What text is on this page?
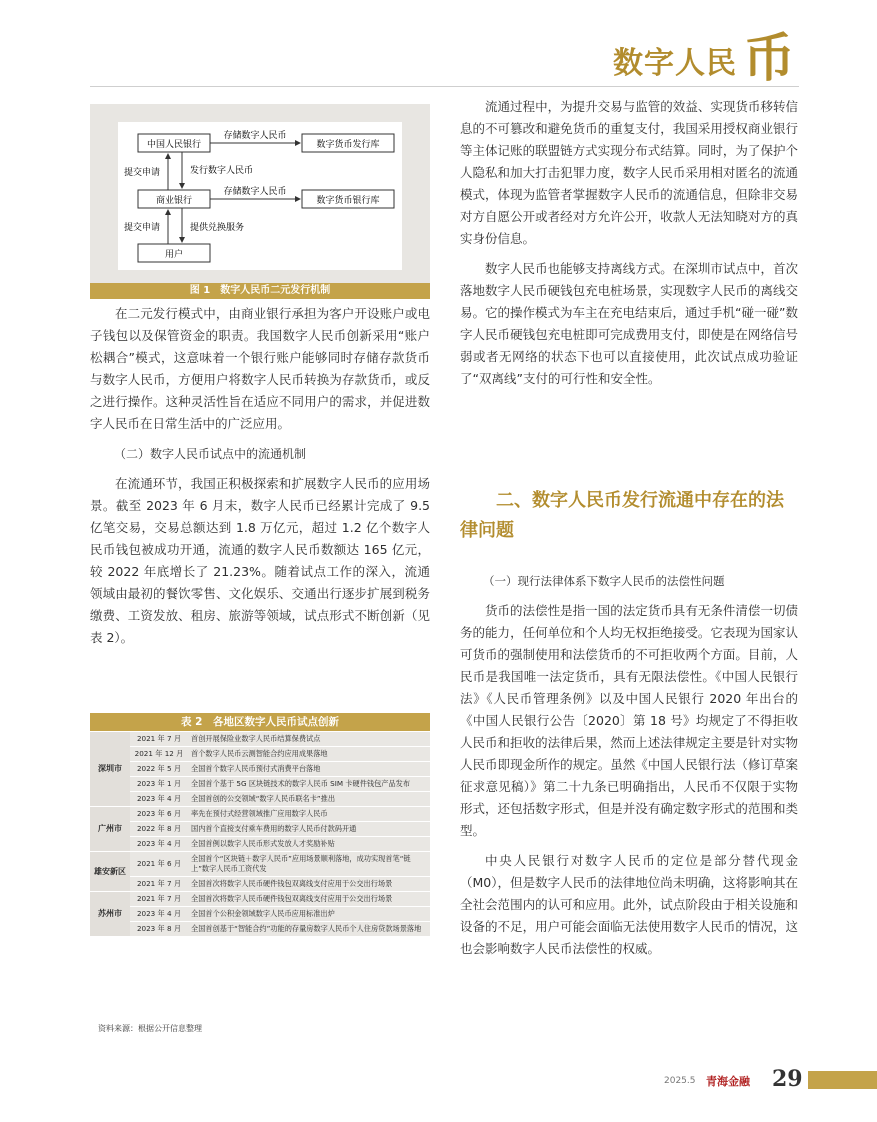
数字人民 币
中国人民银行	数字货币发行库
存储数字人民币
商业银行	数字货币银行库
存储数字人民币
用户
提交申请	发行数字人民币
提交申请	提供兑换服务
图 1　数字人民币二元发行机制

在二元发行模式中，由商业银行承担为客户开设账户或电子钱包以及保管资金的职责。我国数字人民币创新采用“账户松耦合”模式，这意味着一个银行账户能够同时存储存款货币与数字人民币，方便用户将数字人民币转换为存款货币，或反之进行操作。这种灵活性旨在适应不同用户的需求，并促进数字人民币在日常生活中的广泛应用。

（二）数字人民币试点中的流通机制

在流通环节，我国正积极探索和扩展数字人民币的应用场景。截至 2023 年 6 月末，数字人民币已经累计完成了 9.5 亿笔交易，交易总额达到 1.8 万亿元，超过 1.2 亿个数字人民币钱包被成功开通，流通的数字人民币数额达 165 亿元，较 2022 年底增长了 21.23%。随着试点工作的深入，流通领域由最初的餐饮零售、文化娱乐、交通出行逐步扩展到税务缴费、工资发放、租房、旅游等领域，试点形式不断创新（见表 2）。

表 2　各地区数字人民币试点创新
深圳市	2021 年 7 月	首创开展保险业数字人民币结算保费试点
	2021 年 12 月	首个数字人民币云测智能合约应用成果落地
	2022 年 5 月	全国首个数字人民币预付式消费平台落地
	2023 年 1 月	全国首个基于 5G 区块链技术的数字人民币 SIM 卡硬件钱包产品发布
	2023 年 4 月	全国首创的公交领域“数字人民币联名卡”推出
广州市	2023 年 6 月	率先在预付式经营领域推广应用数字人民币
	2022 年 8 月	国内首个直接支付乘车费用的数字人民币付款码开通
	2023 年 4 月	全国首例以数字人民币形式发放人才奖励补贴
雄安新区	2021 年 6 月	全国首个“区块链＋数字人民币”应用场景顺利落地，成功实现首笔“链上”数字人民币工资代发
	2021 年 7 月	全国首次将数字人民币硬件钱包双离线支付应用于公交出行场景
苏州市	2021 年 7 月	全国首次将数字人民币硬件钱包双离线支付应用于公交出行场景
	2023 年 4 月	全国首个公积金领域数字人民币应用标准出炉
	2023 年 8 月	全国首创基于“智能合约”功能的存量房数字人民币个人住房贷款场景落地
资料来源：根据公开信息整理

流通过程中，为提升交易与监管的效益、实现货币移转信息的不可篡改和避免货币的重复支付，我国采用授权商业银行等主体记账的联盟链方式实现分布式结算。同时，为了保护个人隐私和加大打击犯罪力度，数字人民币采用相对匿名的流通模式，体现为监管者掌握数字人民币的流通信息，但除非交易对方自愿公开或者经对方允许公开，收款人无法知晓对方的真实身份信息。

数字人民币也能够支持离线方式。在深圳市试点中，首次落地数字人民币硬钱包充电桩场景，实现数字人民币的离线交易。它的操作模式为车主在充电结束后，通过手机“碰一碰”数字人民币硬钱包充电桩即可完成费用支付，即使是在网络信号弱或者无网络的状态下也可以直接使用，此次试点成功验证了“双离线”支付的可行性和安全性。

二、数字人民币发行流通中存在的法律问题

（一）现行法律体系下数字人民币的法偿性问题

货币的法偿性是指一国的法定货币具有无条件清偿一切债务的能力，任何单位和个人均无权拒绝接受。它表现为国家认可货币的强制使用和法偿货币的不可拒收两个方面。目前，人民币是我国唯一法定货币，具有无限法偿性。《中国人民银行法》《人民币管理条例》以及中国人民银行 2020 年出台的《中国人民银行公告〔2020〕第 18 号》均规定了不得拒收人民币和拒收的法律后果，然而上述法律规定主要是针对实物人民币即现金所作的规定。虽然《中国人民银行法（修订草案征求意见稿）》第二十九条已明确指出，人民币不仅限于实物形式，还包括数字形式，但是并没有确定数字形式的范围和类型。

中央人民银行对数字人民币的定位是部分替代现金（M0），但是数字人民币的法律地位尚未明确，这将影响其在全社会范围内的认可和应用。此外，试点阶段由于相关设施和设备的不足，用户可能会面临无法使用数字人民币的情况，这也会影响数字人民币法偿性的权威。

2025.5 青海金融 29
